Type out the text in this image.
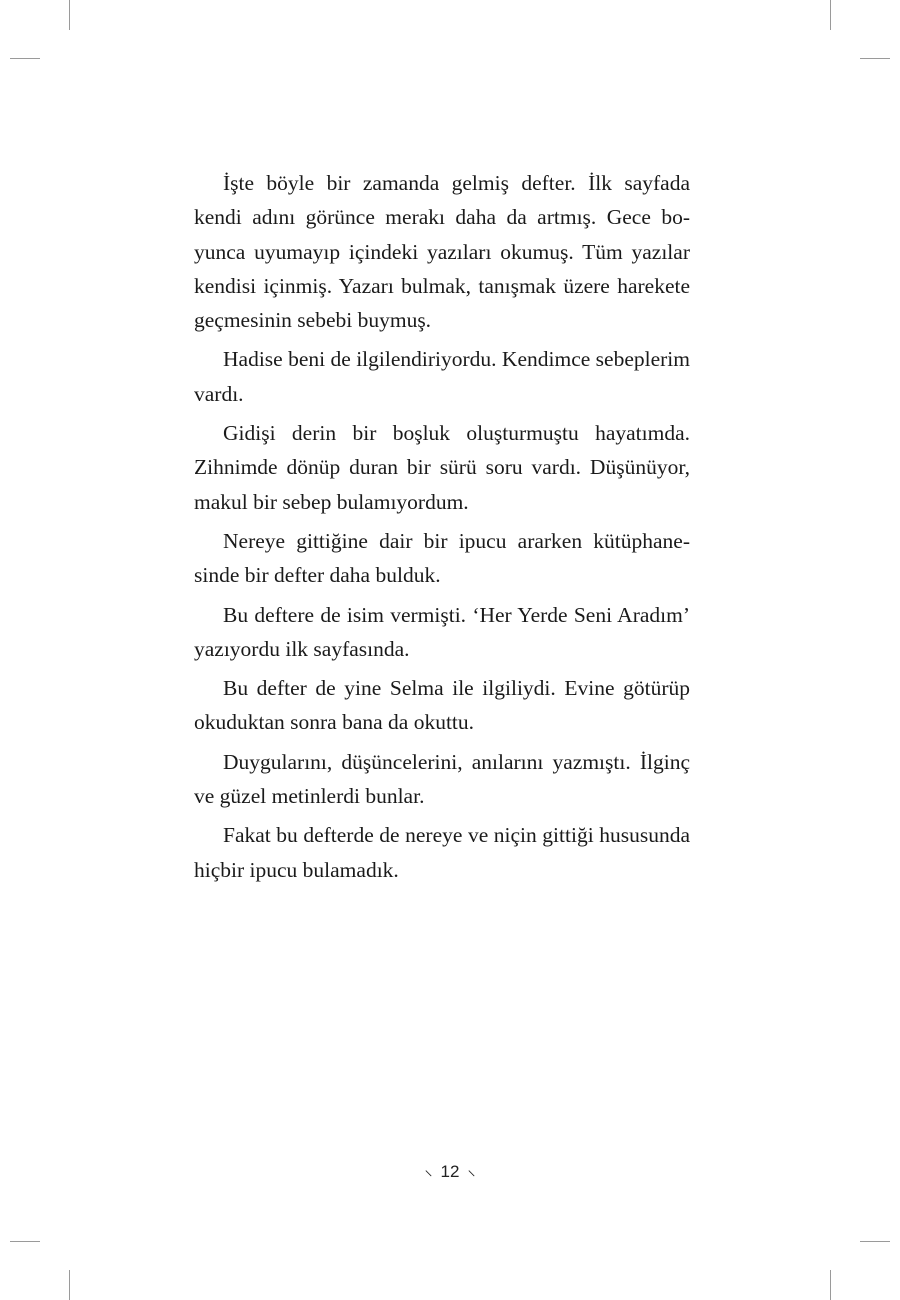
İşte böyle bir zamanda gelmiş defter. İlk sayfada kendi adını görünce merakı daha da artmış. Gece boyunca uyumayıp içindeki yazıları okumuş. Tüm yazılar kendisi içinmiş. Yazarı bulmak, tanışmak üzere harekete geçmesinin sebebi buymuş.

Hadise beni de ilgilendiriyordu. Kendimce sebeplerim vardı.

Gidişi derin bir boşluk oluşturmuştu hayatımda. Zihnimde dönüp duran bir sürü soru vardı. Düşünüyor, makul bir sebep bulamıyordum.

Nereye gittiğine dair bir ipucu ararken kütüphanesinde bir defter daha bulduk.

Bu deftere de isim vermişti. ‘Her Yerde Seni Aradım’ yazıyordu ilk sayfasında.

Bu defter de yine Selma ile ilgiliydi. Evine götürüp okuduktan sonra bana da okuttu.

Duygularını, düşüncelerini, anılarını yazmıştı. İlginç ve güzel metinlerdi bunlar.

Fakat bu defterde de nereye ve niçin gittiği hususunda hiçbir ipucu bulamadık.

⸜ 12 ⸜
